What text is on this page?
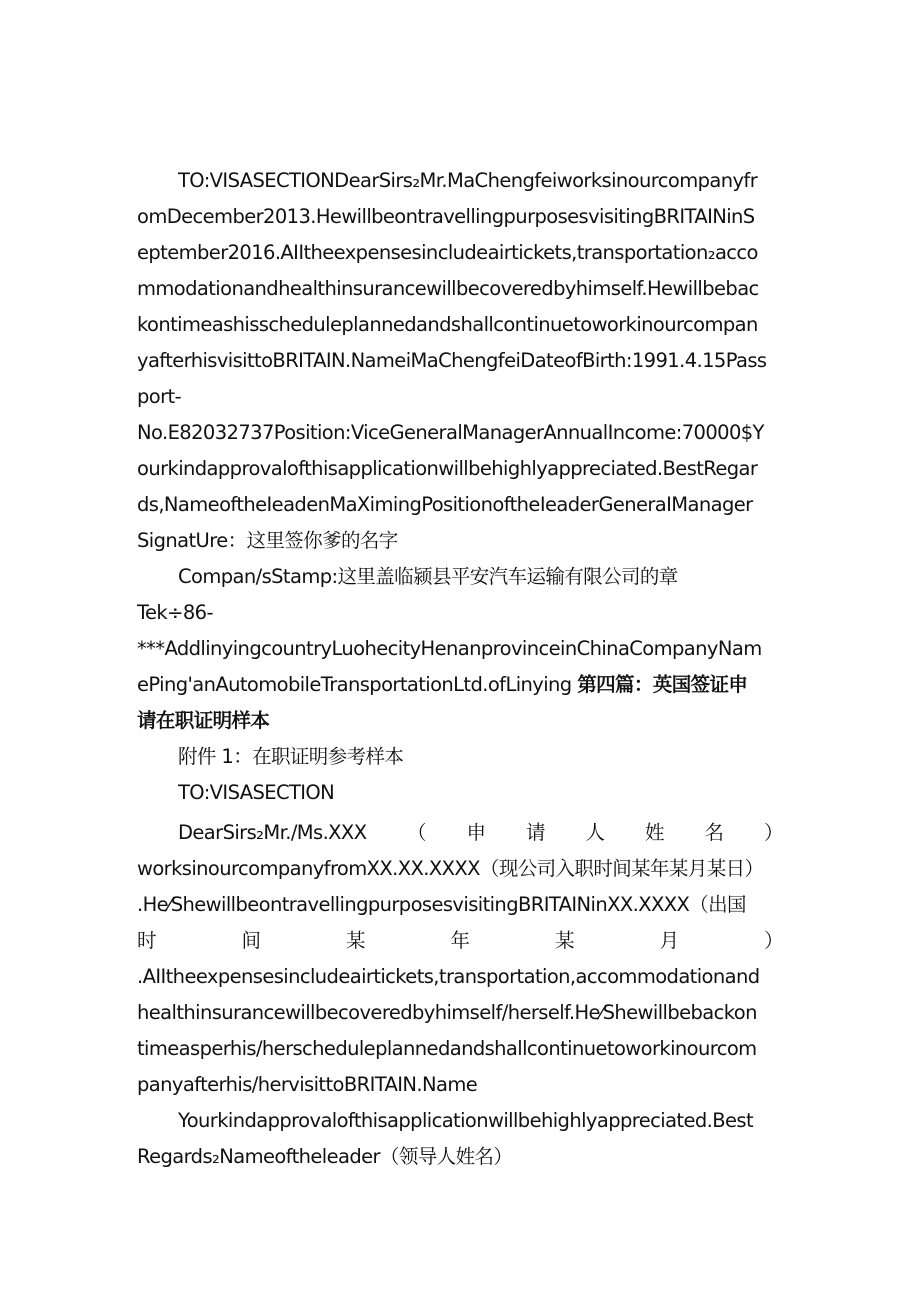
TO:VISASECTIONDearSirs₂Mr.MaChengfeiworksinourcompanyfr
omDecember2013.HewillbeontravellingpurposesvisitingBRITAINinS
eptember2016.AIItheexpensesincludeairtickets,transportation₂acco
mmodationandhealthinsurancewillbecoveredbyhimself.Hewillbebac
kontimeashisscheduleplannedandshallcontinuetoworkinourcompan
yafterhisvisittoBRITAIN.NameiMaChengfeiDateofBirth:1991.4.15Pass
port-
No.E82032737Position:ViceGeneralManagerAnnualIncome:70000$Y
ourkindapprovalofthisapplicationwillbehighlyappreciated.BestRegar
ds,NameoftheIeadenMaXimingPositionoftheIeaderGeneraIManager
SignatUre：这里签你爹的名字
Compan/sStamp:这里盖临颍县平安汽车运输有限公司的章
Tek÷86-
***AddlinyingcountryLuohecityHenanprovinceinChinaCompanyNam
ePing'anAutomobileTransportationLtd.ofLinying 第四篇：英国签证申
请在职证明样本
附件 1：在职证明参考样本
TO:VISASECTION
DearSirs₂Mr./Ms.XXX （ 申 请 人 姓 名 ）
worksinourcompanyfromXX.XX.XXXX（现公司入职时间某年某月某日）
.He⁄ShewillbeontravellingpurposesvisitingBRITAINinXX.XXXX（出国
时	间	某	年	某	月	）
.AIItheexpensesincludeairtickets,transportation,accommodationand
healthinsurancewillbecoveredbyhimself/herself.He⁄Shewillbebackon
timeasperhis/herscheduleplannedandshallcontinuetoworkinourcom
panyafterhis/hervisittoBRITAIN.Name
Yourkindapprovalofthisapplicationwillbehighlyappreciated.Best
Regards₂Nameoftheleader（领导人姓名）
